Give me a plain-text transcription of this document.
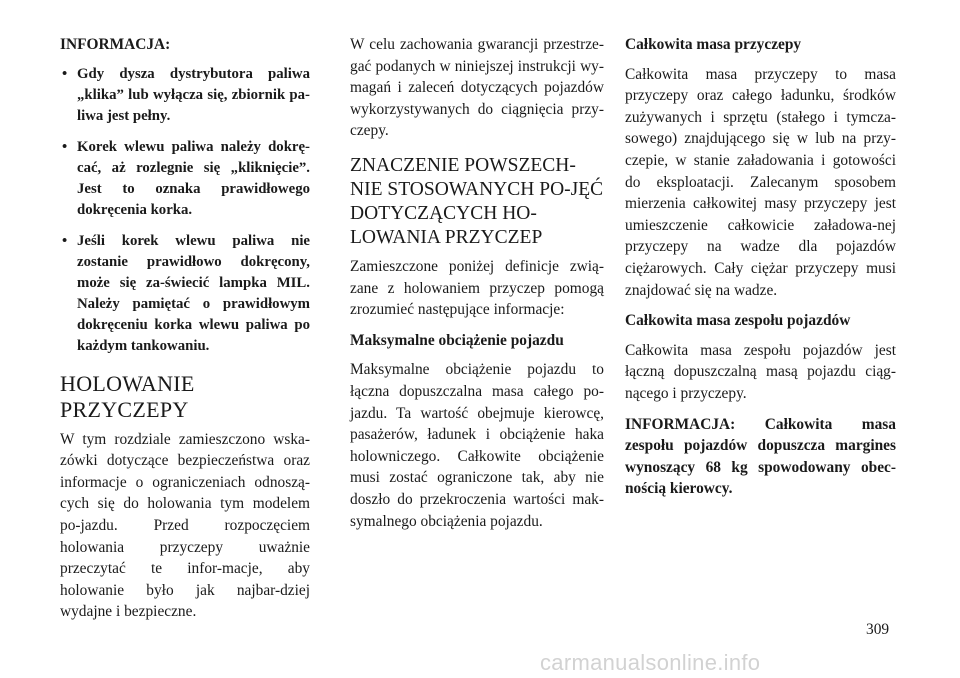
INFORMACJA:
• Gdy dysza dystrybutora paliwa „klika” lub wyłącza się, zbiornik pa-liwa jest pełny.
• Korek wlewu paliwa należy dokrę-cać, aż rozlegnie się „klikniȩcie”. Jest to oznaka prawidłowego dokręcenia korka.
• Jeśli korek wlewu paliwa nie zostanie prawidłowo dokręcony, może się za-świecić lampka MIL. Należy pamiętać o prawidłowym dokręceniu korka wlewu paliwa po każdym tankowaniu.
HOLOWANIE PRZYCZEPY

W tym rozdziale zamieszczono wska-zówki dotyczące bezpieczeństwa oraz informacje o ograniczeniach odnoszą-cych się do holowania tym modelem po-jazdu. Przed rozpoczęciem holowania przyczepy uważnie przeczytać te infor-macje, aby holowanie było jak najbar-dziej wydajne i bezpieczne.

W celu zachowania gwarancji przestrze-gać podanych w niniejszej instrukcji wy-magań i zaleceń dotyczących pojazdów wykorzystywanych do ciągnięcia przy-czepy.

ZNACZENIE POWSZECH-NIE STOSOWANYCH PO-JĘĆ DOTYCZĄCYCH HO-LOWANIA PRZYCZEP

Zamieszczone poniżej definicje zwią-zane z holowaniem przyczep pomogą zrozumieć następujące informacje:

Maksymalne obciążenie pojazdu

Maksymalne obciążenie pojazdu to łączna dopuszczalna masa całego po-jazdu. Ta wartość obejmuje kierowcę, pasażerów, ładunek i obciążenie haka holowniczego. Całkowite obciążenie musi zostać ograniczone tak, aby nie doszło do przekroczenia wartości mak-symalnego obciążenia pojazdu.

Całkowita masa przyczepy

Całkowita masa przyczepy to masa przyczepy oraz całego ładunku, środków zużywanych i sprzętu (stałego i tymcza-sowego) znajdującego się w lub na przy-czepie, w stanie załadowania i gotowości do eksploatacji. Zalecanym sposobem mierzenia całkowitej masy przyczepy jest umieszczenie całkowicie załadowa-nej przyczepy na wadze dla pojazdów ciężarowych. Cały ciężar przyczepy musi znajdować się na wadze.

Całkowita masa zespołu pojazdów

Całkowita masa zespołu pojazdów jest łączną dopuszczalną masą pojazdu ciąg-nącego i przyczepy.

INFORMACJA: Całkowita masa zespołu pojazdów dopuszcza margines wynoszący 68 kg spowodowany obec-nością kierowcy.

309
carmanualsonline.info
